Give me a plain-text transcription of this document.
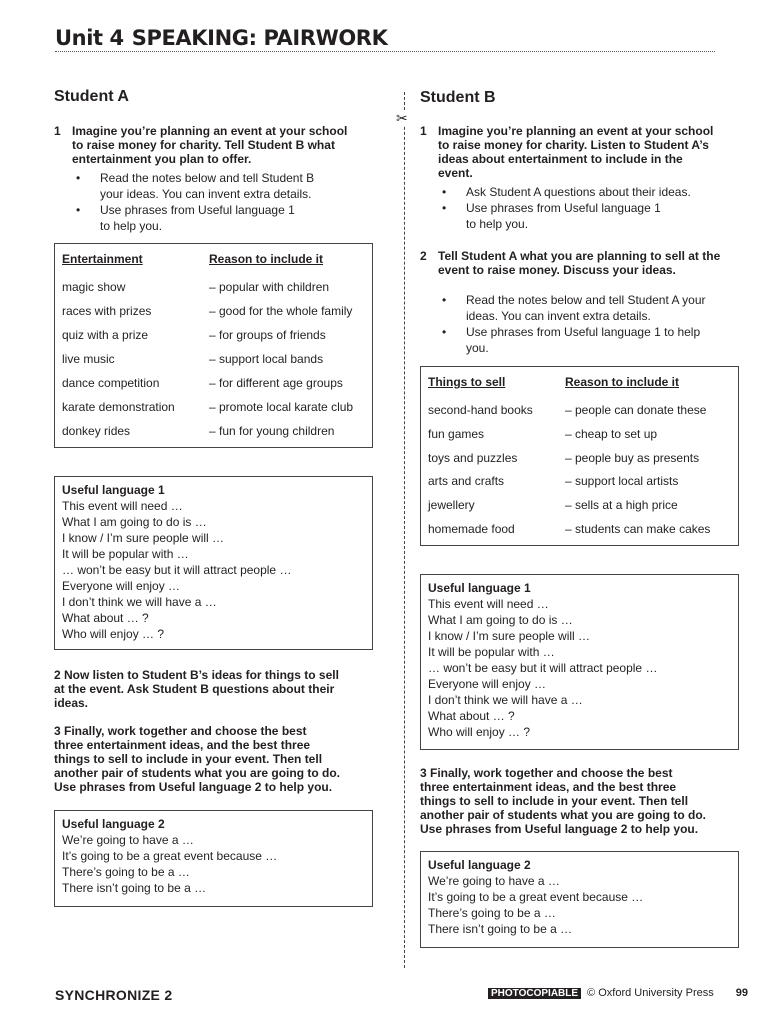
Unit 4 SPEAKING: PAIRWORK
✂
Student A
1 Imagine you’re planning an event at your school
to raise money for charity. Tell Student B what
entertainment you plan to offer.
• Read the notes below and tell Student B
your ideas. You can invent extra details.
• Use phrases from Useful language 1
to help you.
Entertainment	Reason to include it
magic show	– popular with children
races with prizes	– good for the whole family
quiz with a prize	– for groups of friends
live music	– support local bands
dance competition	– for different age groups
karate demonstration	– promote local karate club
donkey rides	– fun for young children
Useful language 1
This event will need …
What I am going to do is …
I know / I’m sure people will …
It will be popular with …
… won’t be easy but it will attract people …
Everyone will enjoy …
I don’t think we will have a …
What about … ?
Who will enjoy … ?
2 Now listen to Student B’s ideas for things to sell
at the event. Ask Student B questions about their
ideas.
3 Finally, work together and choose the best
three entertainment ideas, and the best three
things to sell to include in your event. Then tell
another pair of students what you are going to do.
Use phrases from Useful language 2 to help you.
Useful language 2
We’re going to have a …
It’s going to be a great event because …
There’s going to be a …
There isn’t going to be a …
Student B
1 Imagine you’re planning an event at your school
to raise money for charity. Listen to Student A’s
ideas about entertainment to include in the
event.
• Ask Student A questions about their ideas.
• Use phrases from Useful language 1
to help you.
2 Tell Student A what you are planning to sell at the
event to raise money. Discuss your ideas.
• Read the notes below and tell Student A your
ideas. You can invent extra details.
• Use phrases from Useful language 1 to help
you.
Things to sell	Reason to include it
second-hand books	– people can donate these
fun games	– cheap to set up
toys and puzzles	– people buy as presents
arts and crafts	– support local artists
jewellery	– sells at a high price
homemade food	– students can make cakes
Useful language 1
This event will need …
What I am going to do is …
I know / I’m sure people will …
It will be popular with …
… won’t be easy but it will attract people …
Everyone will enjoy …
I don’t think we will have a …
What about … ?
Who will enjoy … ?
3 Finally, work together and choose the best
three entertainment ideas, and the best three
things to sell to include in your event. Then tell
another pair of students what you are going to do.
Use phrases from Useful language 2 to help you.
Useful language 2
We’re going to have a …
It’s going to be a great event because …
There’s going to be a …
There isn’t going to be a …
SYNCHRONIZE 2	PHOTOCOPIABLE © Oxford University Press 99
